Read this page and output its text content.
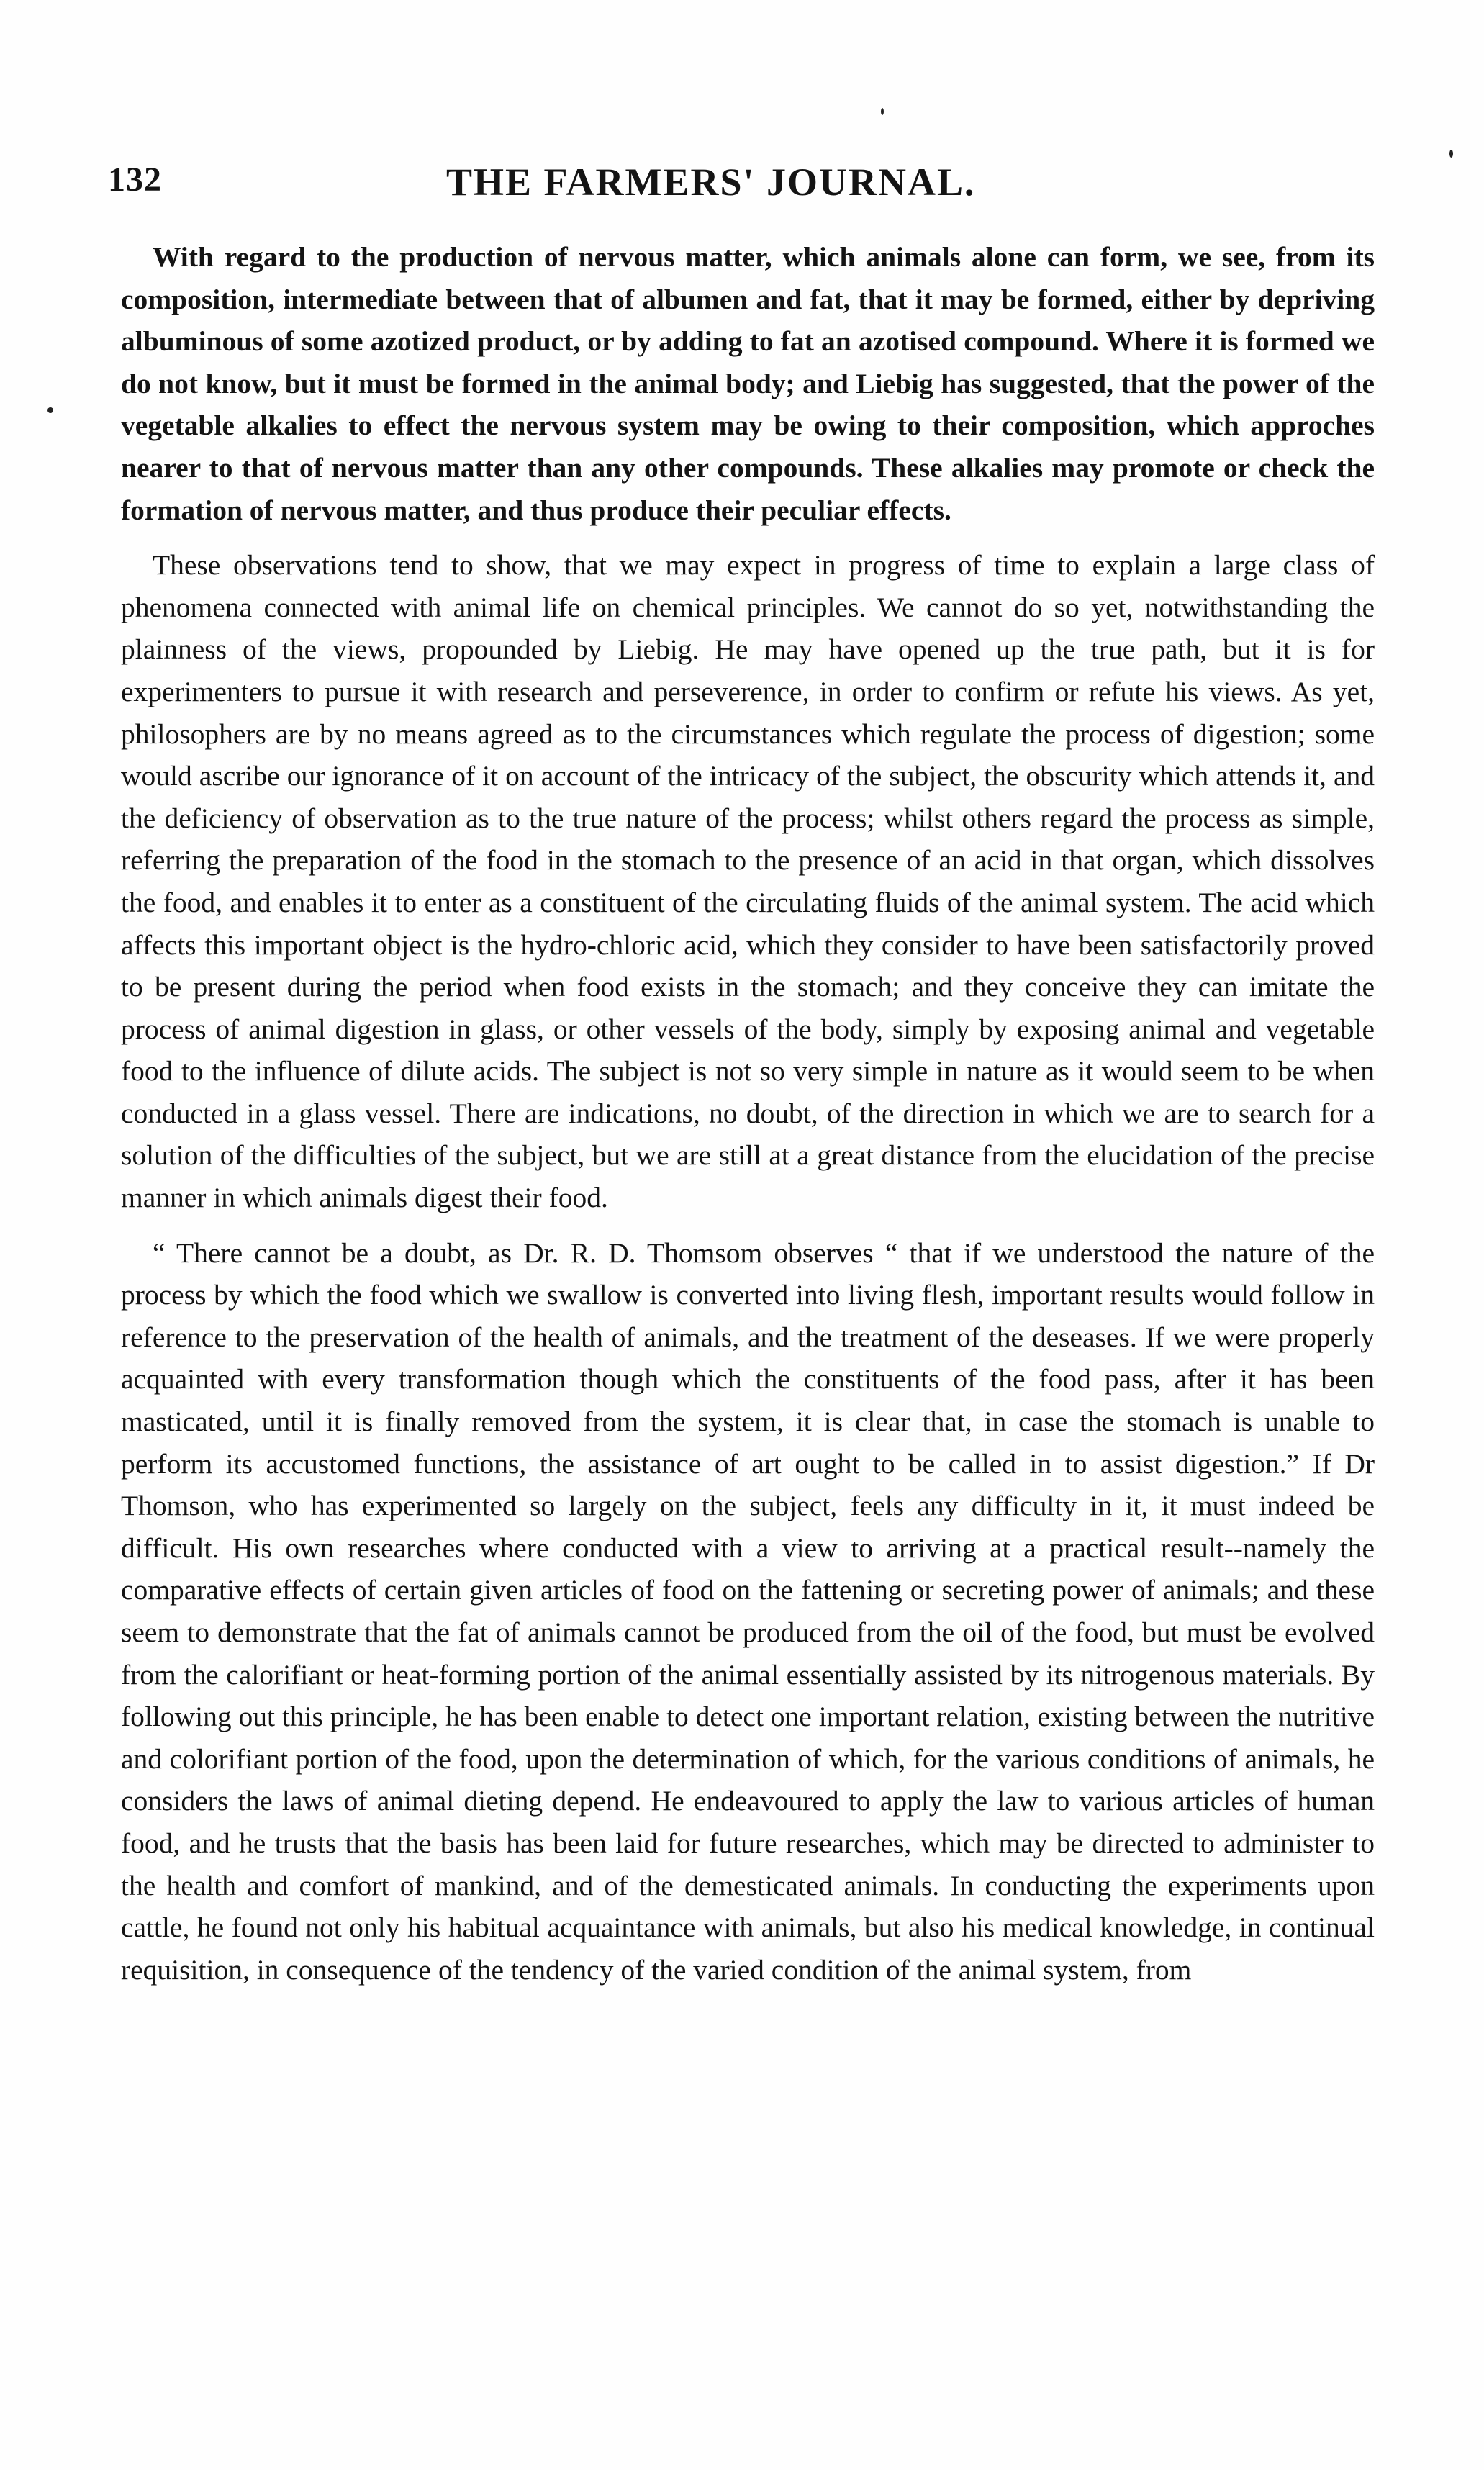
132	THE FARMERS' JOURNAL.

With regard to the production of nervous matter, which animals alone can form, we see, from its composition, intermediate between that of albumen and fat, that it may be formed, either by depriving albuminous of some azotized product, or by adding to fat an azotised compound. Where it is formed we do not know, but it must be formed in the animal body; and Liebig has suggested, that the power of the vegetable alkalies to effect the nervous system may be owing to their composition, which approches nearer to that of nervous matter than any other compounds. These alkalies may promote or check the formation of nervous matter, and thus produce their peculiar effects.

These observations tend to show, that we may expect in progress of time to explain a large class of phenomena connected with animal life on chemical principles. We cannot do so yet, notwithstanding the plainness of the views, propounded by Liebig. He may have opened up the true path, but it is for experimenters to pursue it with research and perseverence, in order to confirm or refute his views. As yet, philosophers are by no means agreed as to the circumstances which regulate the process of digestion; some would ascribe our ignorance of it on account of the intricacy of the subject, the obscurity which attends it, and the deficiency of observation as to the true nature of the process; whilst others regard the process as simple, referring the preparation of the food in the stomach to the presence of an acid in that organ, which dissolves the food, and enables it to enter as a constituent of the circulating fluids of the animal system. The acid which affects this important object is the hydro-chloric acid, which they consider to have been satisfactorily proved to be present during the period when food exists in the stomach; and they conceive they can imitate the process of animal digestion in glass, or other vessels of the body, simply by exposing animal and vegetable food to the influence of dilute acids. The subject is not so very simple in nature as it would seem to be when conducted in a glass vessel. There are indications, no doubt, of the direction in which we are to search for a solution of the difficulties of the subject, but we are still at a great distance from the elucidation of the precise manner in which animals digest their food.

“ There cannot be a doubt, as Dr. R. D. Thomsom observes “ that if we understood the nature of the process by which the food which we swallow is converted into living flesh, important results would follow in reference to the preservation of the health of animals, and the treatment of the deseases. If we were properly acquainted with every transformation though which the constituents of the food pass, after it has been masticated, until it is finally removed from the system, it is clear that, in case the stomach is unable to perform its accustomed functions, the assistance of art ought to be called in to assist digestion.” If Dr Thomson, who has experimented so largely on the subject, feels any difficulty in it, it must indeed be difficult. His own researches where conducted with a view to arriving at a practical result--namely the comparative effects of certain given articles of food on the fattening or secreting power of animals; and these seem to demonstrate that the fat of animals cannot be produced from the oil of the food, but must be evolved from the calorifiant or heat-forming portion of the animal essentially assisted by its nitrogenous materials. By following out this principle, he has been enable to detect one important relation, existing between the nutritive and colorifiant portion of the food, upon the determination of which, for the various conditions of animals, he considers the laws of animal dieting depend. He endeavoured to apply the law to various articles of human food, and he trusts that the basis has been laid for future researches, which may be directed to administer to the health and comfort of mankind, and of the demesticated animals. In conducting the experiments upon cattle, he found not only his habitual acquaintance with animals, but also his medical knowledge, in continual requisition, in consequence of the tendency of the varied condition of the animal system, from
